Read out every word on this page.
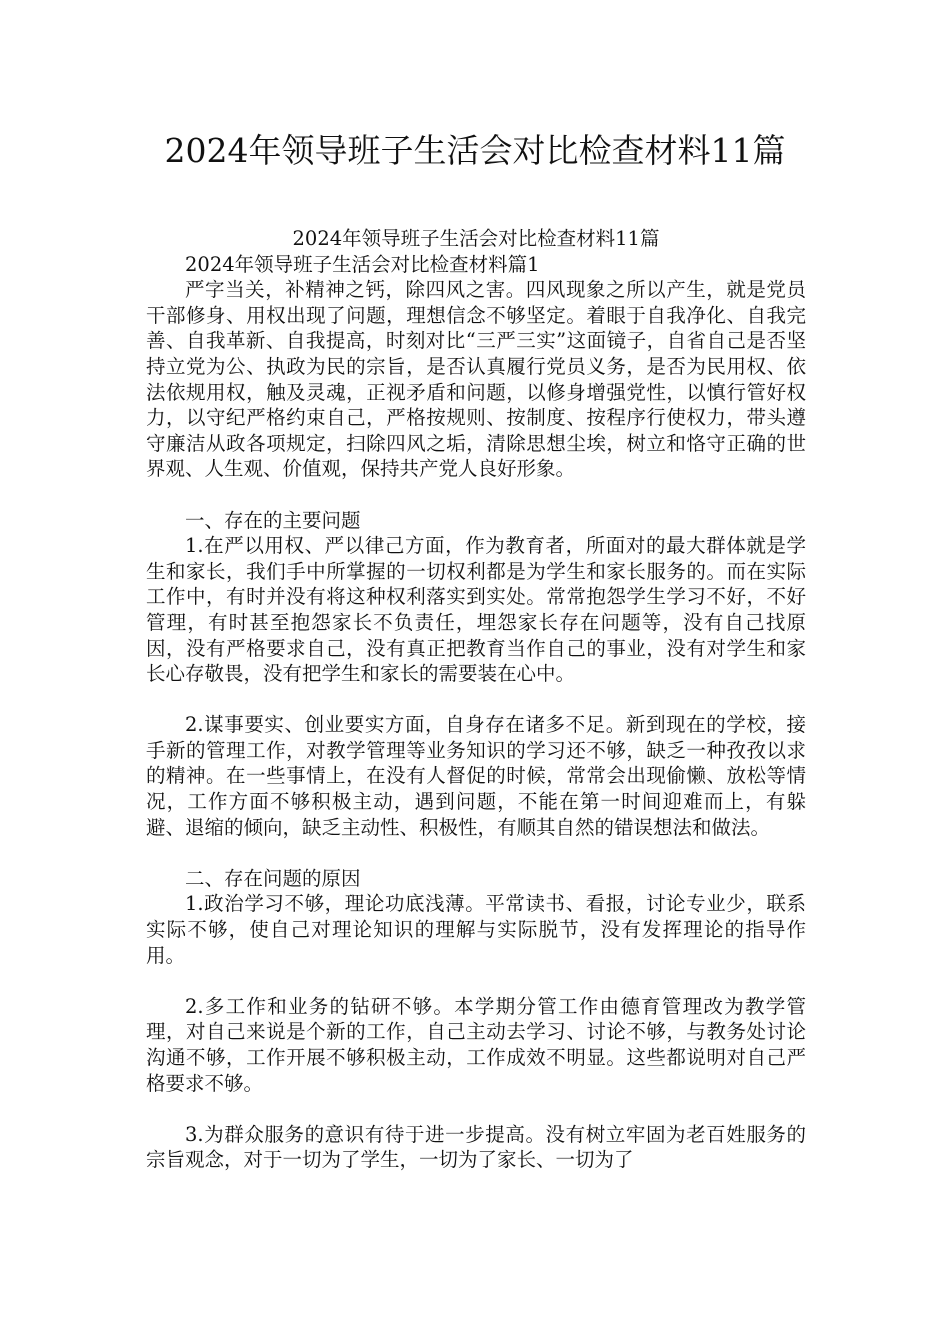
2024年领导班子生活会对比检查材料11篇

2024年领导班子生活会对比检查材料11篇

2024年领导班子生活会对比检查材料篇1

严字当关，补精神之钙，除四风之害。四风现象之所以产生，就是党员干部修身、用权出现了问题，理想信念不够坚定。着眼于自我净化、自我完善、自我革新、自我提高，时刻对比“三严三实”这面镜子，自省自己是否坚持立党为公、执政为民的宗旨，是否认真履行党员义务，是否为民用权、依法依规用权，触及灵魂，正视矛盾和问题，以修身增强党性，以慎行管好权力，以守纪严格约束自己，严格按规则、按制度、按程序行使权力，带头遵守廉洁从政各项规定，扫除四风之垢，清除思想尘埃，树立和恪守正确的世界观、人生观、价值观，保持共产党人良好形象。

一、存在的主要问题

1.在严以用权、严以律己方面，作为教育者，所面对的最大群体就是学生和家长，我们手中所掌握的一切权利都是为学生和家长服务的。而在实际工作中，有时并没有将这种权利落实到实处。常常抱怨学生学习不好，不好管理，有时甚至抱怨家长不负责任，埋怨家长存在问题等，没有自己找原因，没有严格要求自己，没有真正把教育当作自己的事业，没有对学生和家长心存敬畏，没有把学生和家长的需要装在心中。

2.谋事要实、创业要实方面，自身存在诸多不足。新到现在的学校，接手新的管理工作，对教学管理等业务知识的学习还不够，缺乏一种孜孜以求的精神。在一些事情上，在没有人督促的时候，常常会出现偷懒、放松等情况，工作方面不够积极主动，遇到问题，不能在第一时间迎难而上，有躲避、退缩的倾向，缺乏主动性、积极性，有顺其自然的错误想法和做法。

二、存在问题的原因

1.政治学习不够，理论功底浅薄。平常读书、看报，讨论专业少，联系实际不够，使自己对理论知识的理解与实际脱节，没有发挥理论的指导作用。

2.多工作和业务的钻研不够。本学期分管工作由德育管理改为教学管理，对自己来说是个新的工作，自己主动去学习、讨论不够，与教务处讨论沟通不够，工作开展不够积极主动，工作成效不明显。这些都说明对自己严格要求不够。

3.为群众服务的意识有待于进一步提高。没有树立牢固为老百姓服务的宗旨观念，对于一切为了学生，一切为了家长、一切为了
